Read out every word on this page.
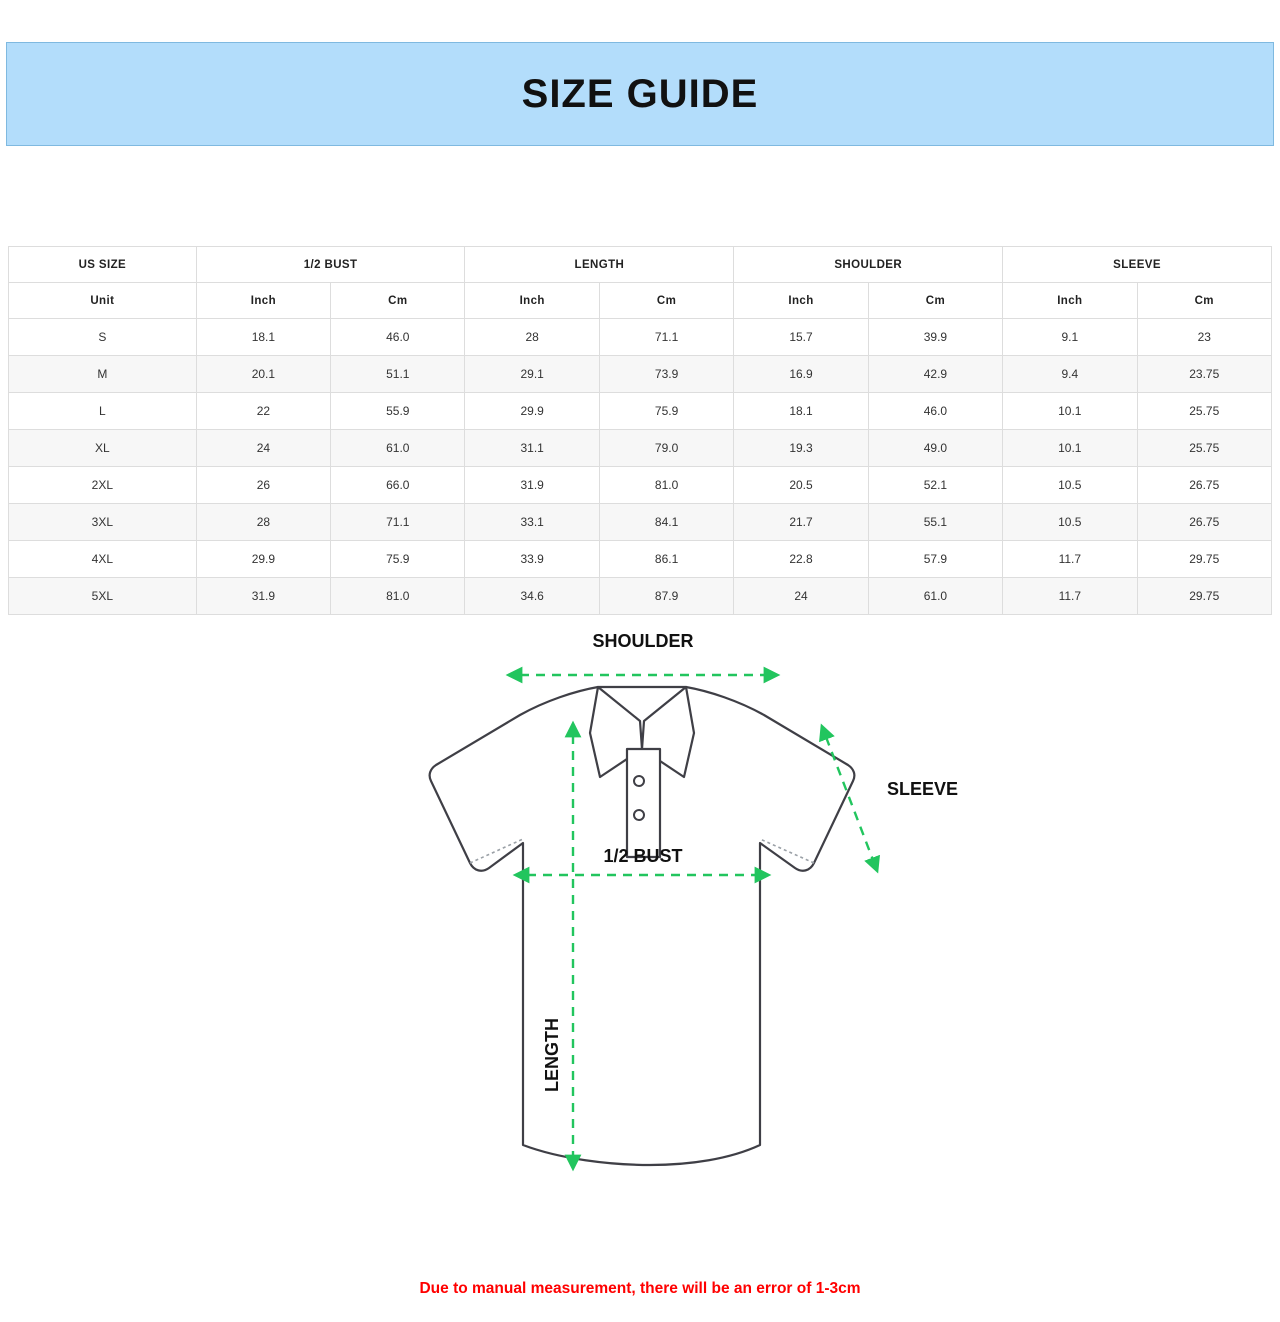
SIZE GUIDE
US SIZE	1/2 BUST		LENGTH		SHOULDER		SLEEVE	
Unit	Inch	Cm	Inch	Cm	Inch	Cm	Inch	Cm
S	18.1	46.0	28	71.1	15.7	39.9	9.1	23
M	20.1	51.1	29.1	73.9	16.9	42.9	9.4	23.75
L	22	55.9	29.9	75.9	18.1	46.0	10.1	25.75
XL	24	61.0	31.1	79.0	19.3	49.0	10.1	25.75
2XL	26	66.0	31.9	81.0	20.5	52.1	10.5	26.75
3XL	28	71.1	33.1	84.1	21.7	55.1	10.5	26.75
4XL	29.9	75.9	33.9	86.1	22.8	57.9	11.7	29.75
5XL	31.9	81.0	34.6	87.9	24	61.0	11.7	29.75
SHOULDER
1/2 BUST
LENGTH
SLEEVE
Due to manual measurement, there will be an error of 1-3cm
